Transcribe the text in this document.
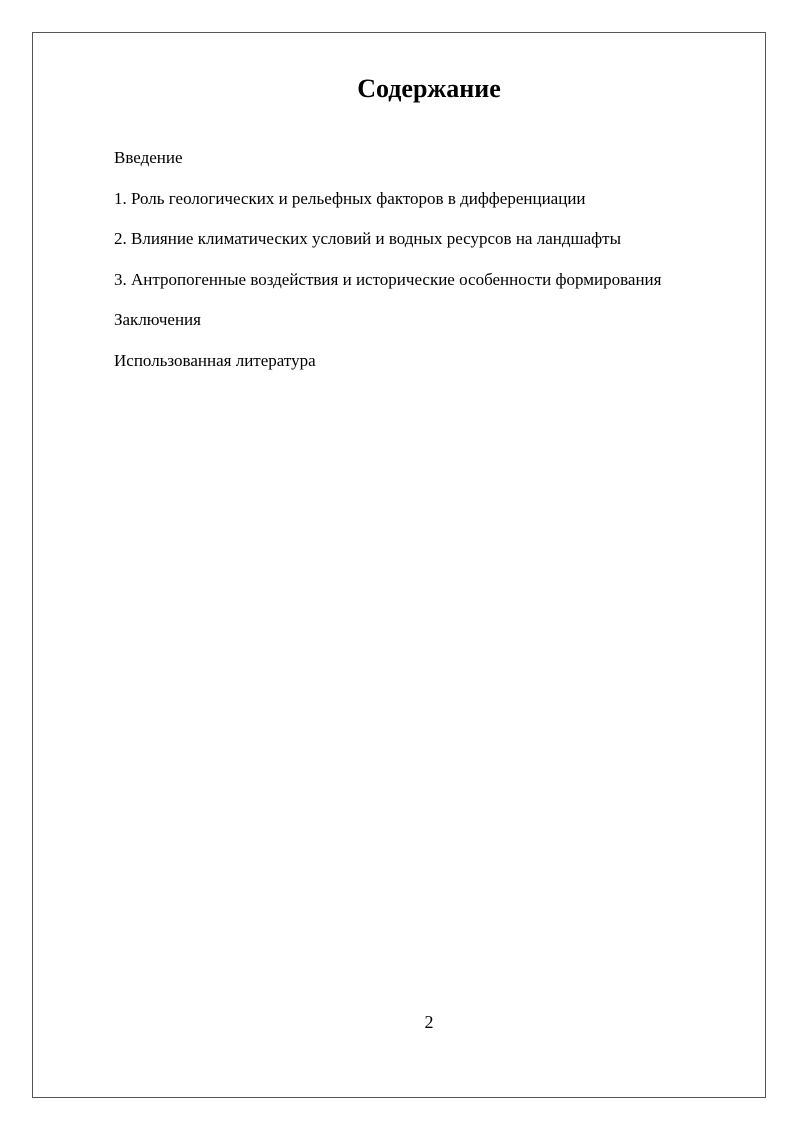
Содержание
Введение
1. Роль геологических и рельефных факторов в дифференциации
2. Влияние климатических условий и водных ресурсов на ландшафты
3. Антропогенные воздействия и исторические особенности формирования
Заключения
Использованная литература
2
